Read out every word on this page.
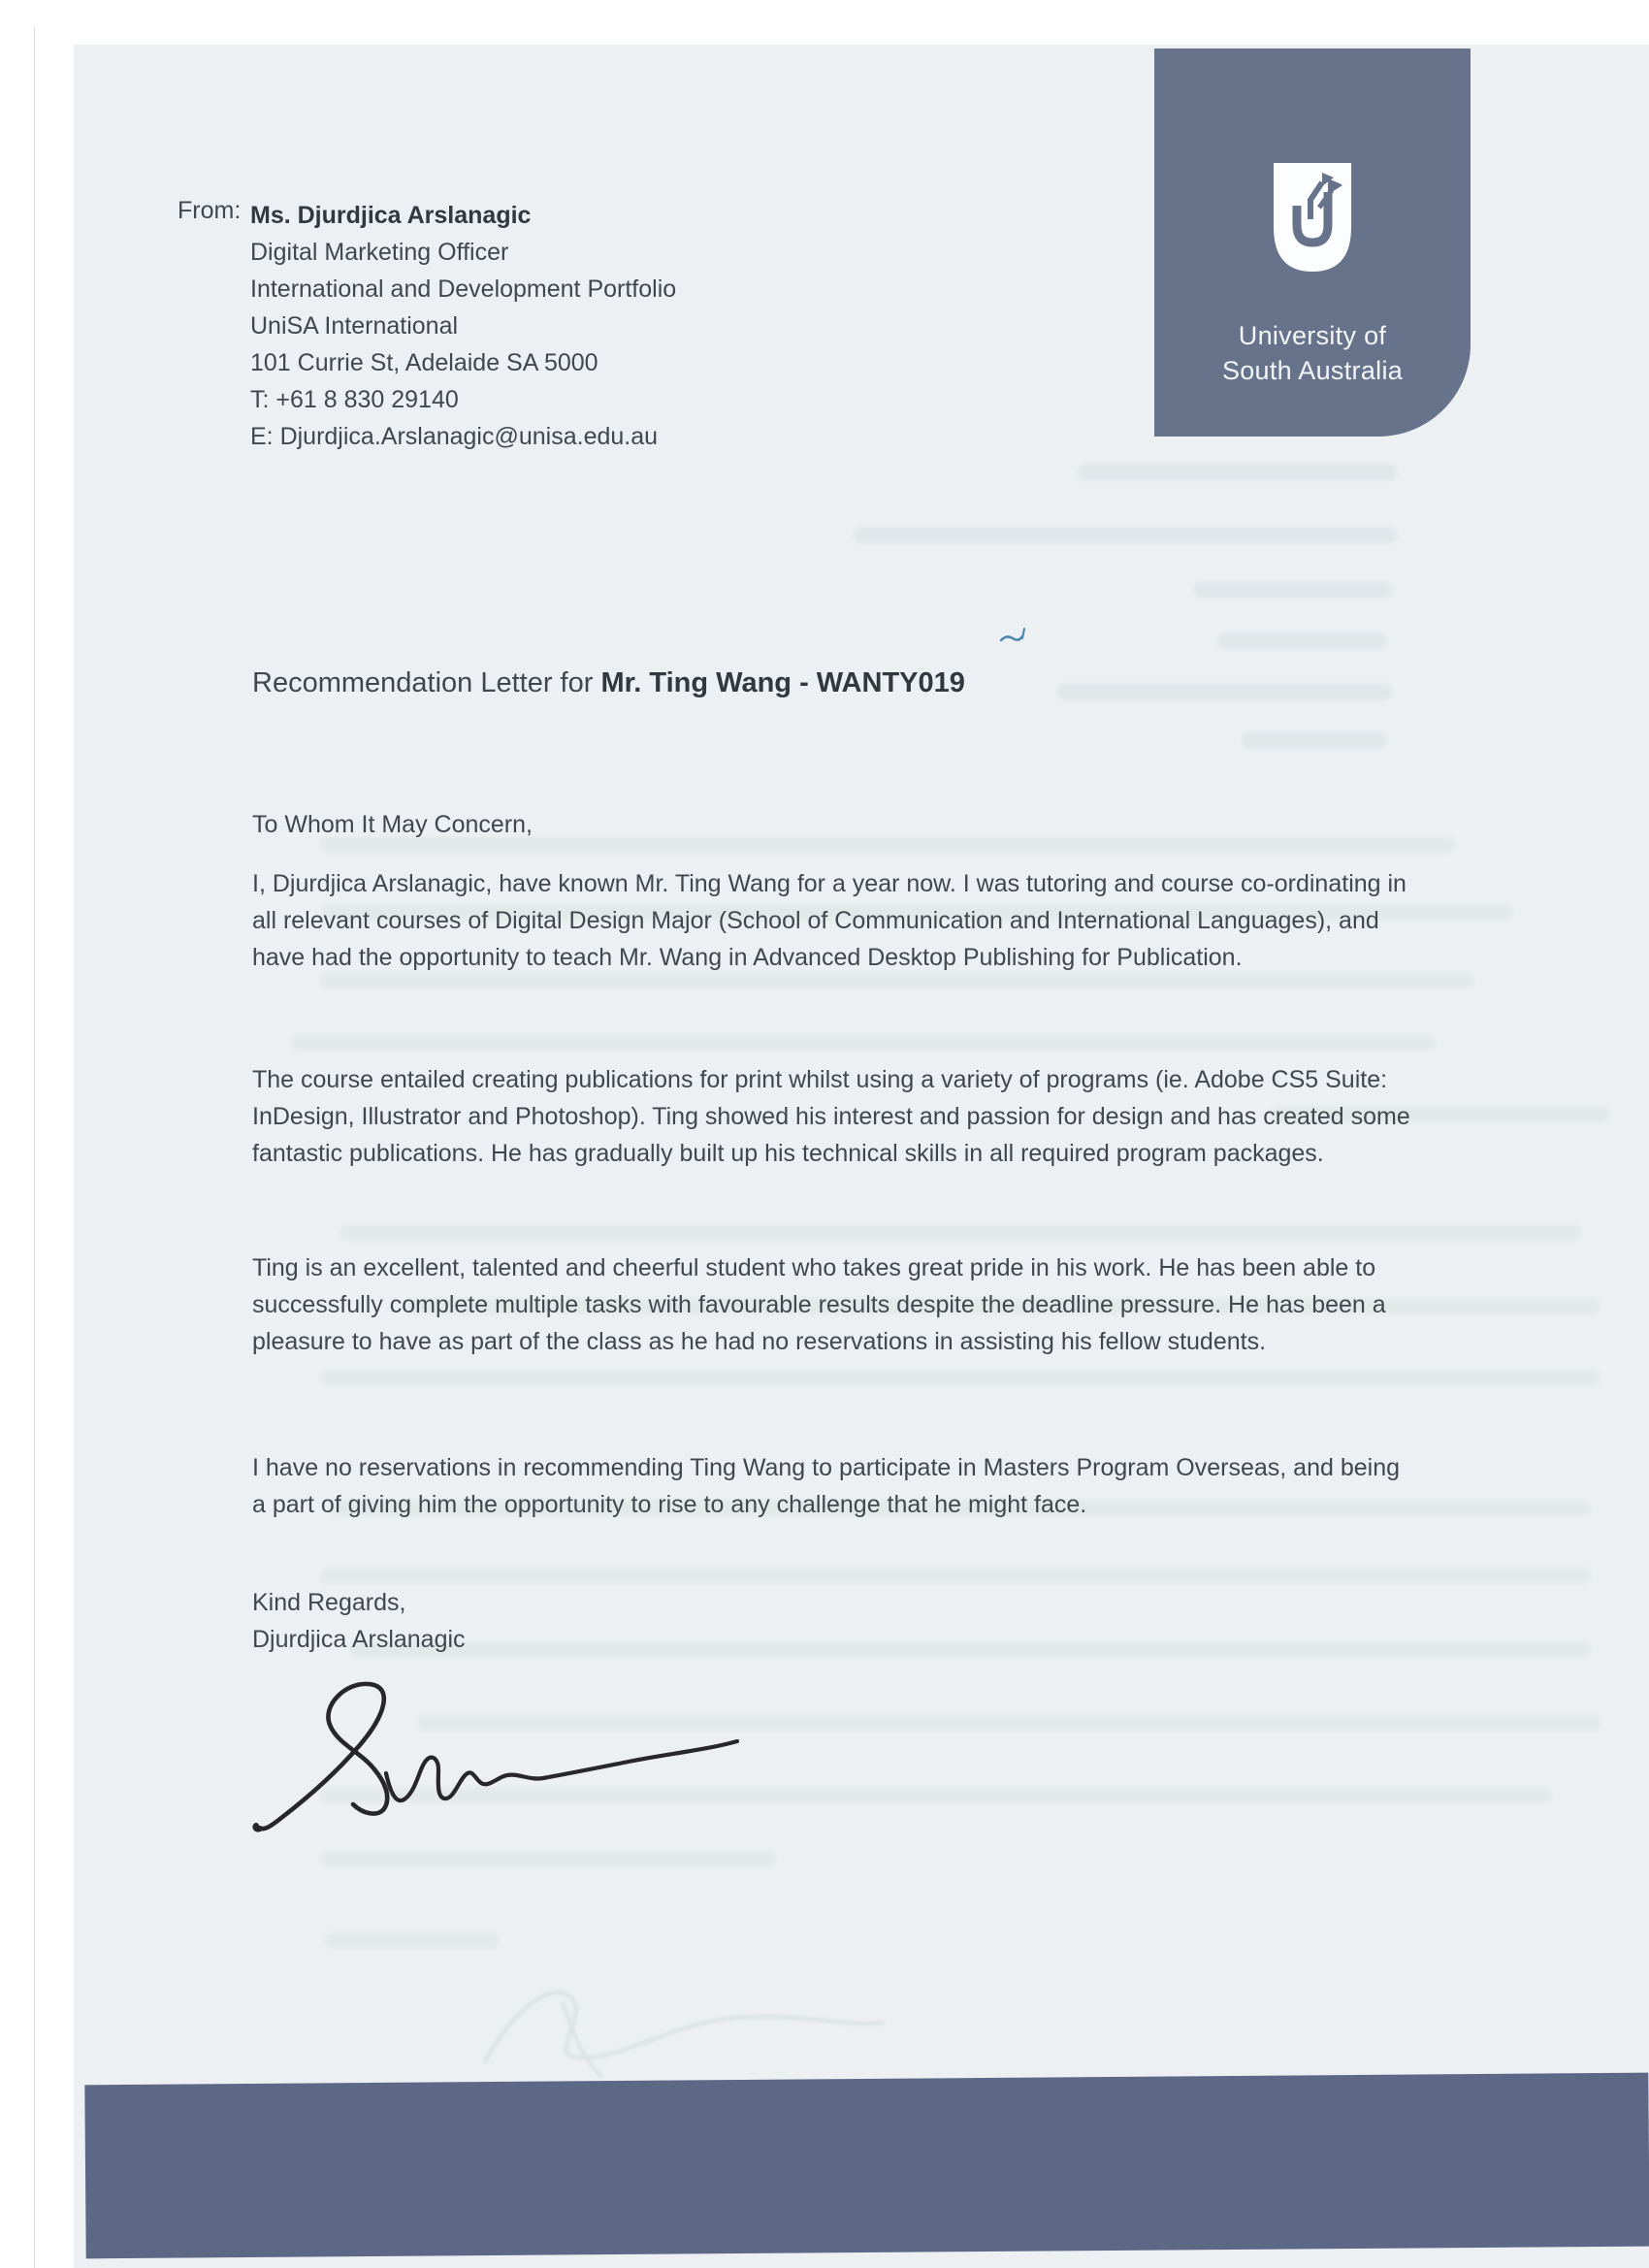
University of
South Australia
From: Ms. Djurdjica Arslanagic
Digital Marketing Officer
International and Development Portfolio
UniSA International
101 Currie St, Adelaide SA 5000
T: +61 8 830 29140
E: Djurdjica.Arslanagic@unisa.edu.au
Recommendation Letter for Mr. Ting Wang - WANTY019
To Whom It May Concern,

I, Djurdjica Arslanagic, have known Mr. Ting Wang for a year now. I was tutoring and course co-ordinating in all relevant courses of Digital Design Major (School of Communication and International Languages), and have had the opportunity to teach Mr. Wang in Advanced Desktop Publishing for Publication.

The course entailed creating publications for print whilst using a variety of programs (ie. Adobe CS5 Suite: InDesign, Illustrator and Photoshop). Ting showed his interest and passion for design and has created some fantastic publications. He has gradually built up his technical skills in all required program packages.

Ting is an excellent, talented and cheerful student who takes great pride in his work. He has been able to successfully complete multiple tasks with favourable results despite the deadline pressure. He has been a pleasure to have as part of the class as he had no reservations in assisting his fellow students.

I have no reservations in recommending Ting Wang to participate in Masters Program Overseas, and being a part of giving him the opportunity to rise to any challenge that he might face.

Kind Regards,
Djurdjica Arslanagic
